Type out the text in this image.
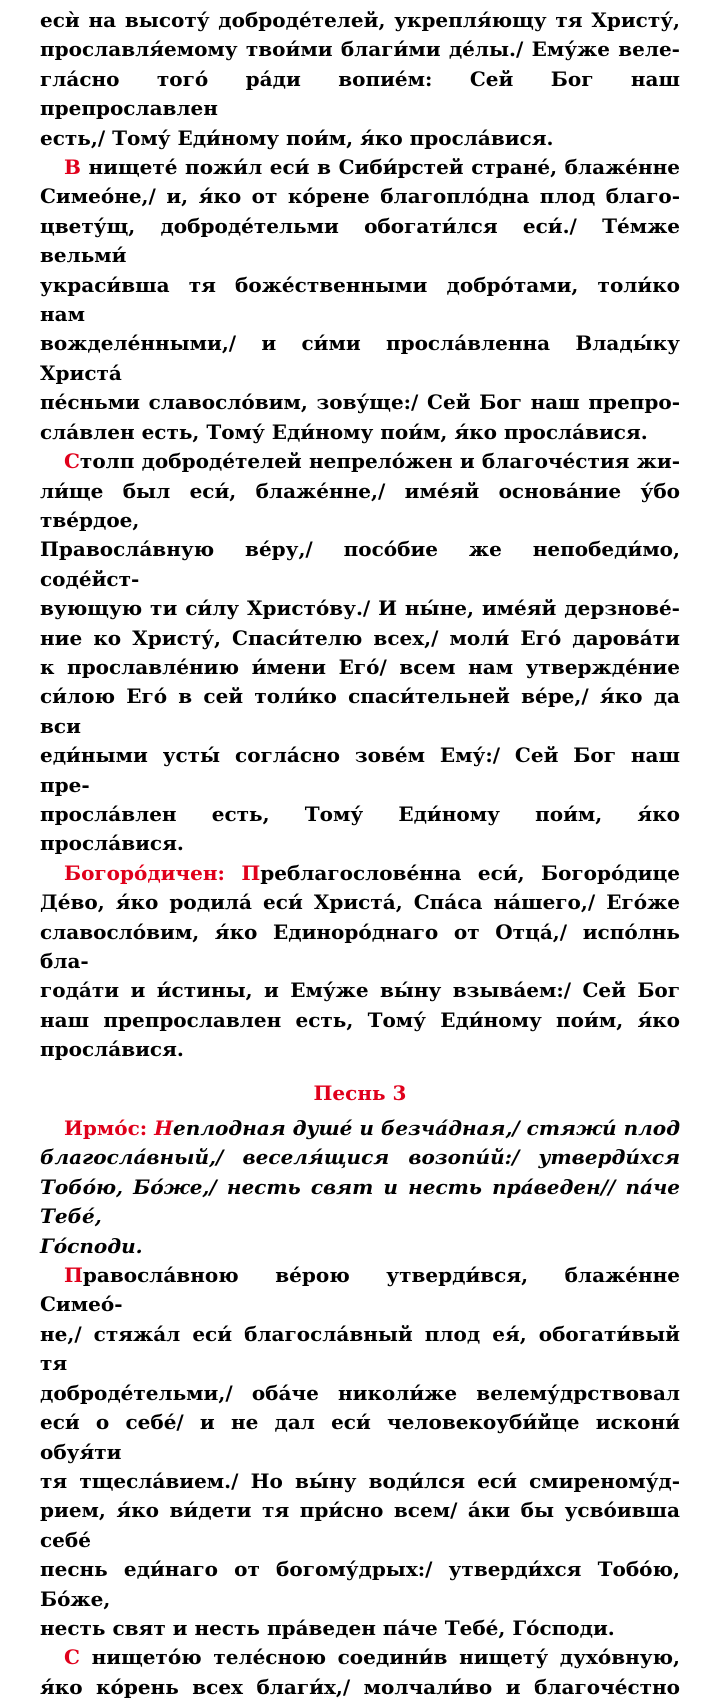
есѝ на высоту́ доброде́телей, укрепля́ющу тя Христу́,
прославля́емому твои́ми благи́ми де́лы./ Ему́же веле-
гла́сно того́ ра́ди вопие́м: Сей Бог наш препрославлен
есть,/ Тому́ Еди́ному пои́м, я́ко просла́вися.
В нищете́ пожи́л еси́ в Сиби́рстей стране́, блаже́нне
Симео́не,/ и, я́ко от ко́рене благопло́дна плод благо-
цвету́щ, доброде́тельми обогати́лся еси́./ Те́мже вельми́
украси́вша тя боже́ственными добро́тами, толи́ко нам
вожделе́нными,/ и си́ми просла́вленна Влады́ку Христа́
пе́сньми славосло́вим, зову́ще:/ Сей Бог наш препро-
сла́влен есть, Тому́ Еди́ному пои́м, я́ко просла́вися.
Столп доброде́телей непрело́жен и благоче́стия жи-
ли́ще был еси́, блаже́нне,/ име́яй основа́ние у́бо тве́рдое,
Правосла́вную ве́ру,/ посо́бие же непобеди́мо, соде́йст-
вующую ти си́лу Христо́ву./ И ны́не, име́яй дерзнове́-
ние ко Христу́, Спаси́телю всех,/ моли́ Его́ дарова́ти
к прославле́нию и́мени Его́/ всем нам утвержде́ние
си́лою Его́ в сей толи́ко спаси́тельней ве́ре,/ я́ко да вси
еди́ными усты́ согла́сно зове́м Ему́:/ Сей Бог наш пре-
просла́влен есть, Тому́ Еди́ному пои́м, я́ко просла́вися.
Богоро́дичен: Преблагослове́нна еси́, Богоро́дице
Де́во, я́ко родила́ еси́ Христа́, Спа́са на́шего,/ Его́же
славосло́вим, я́ко Единоро́днаго от Отца́,/ испо́лнь бла-
года́ти и и́стины, и Ему́же вы́ну взыва́ем:/ Сей Бог
наш препрославлен есть, Тому́ Еди́ному пои́м, я́ко
просла́вися.
Песнь 3
Ирмо́с: Неплодная душе́ и безча́дная,/ стяжи́ плод
благосла́вный,/ веселя́щися возопи́й:/ утверди́хся
Тобо́ю, Бо́же,/ несть свят и несть пра́веден// па́че Тебе́,
Го́споди.
Правосла́вною ве́рою утверди́вся, блаже́нне Симео́-
не,/ стяжа́л еси́ благосла́вный плод ея́, обогати́вый тя
доброде́тельми,/ оба́че николи́же велему́дрствовал
еси́ о себе́/ и не дал еси́ человекоуби́йце искони́ обуя́ти
тя тщесла́вием./ Но вы́ну води́лся еси́ смиреному́д-
рием, я́ко ви́дети тя при́сно всем/ а́ки бы усво́ивша себе́
песнь еди́наго от богому́дрых:/ утверди́хся Тобо́ю, Бо́же,
несть свят и несть пра́веден па́че Тебе́, Го́споди.
С нището́ю теле́сною соедини́в нищету́ духо́вную,
я́ко ко́рень всех благи́х,/ молчали́во и благоче́стно
